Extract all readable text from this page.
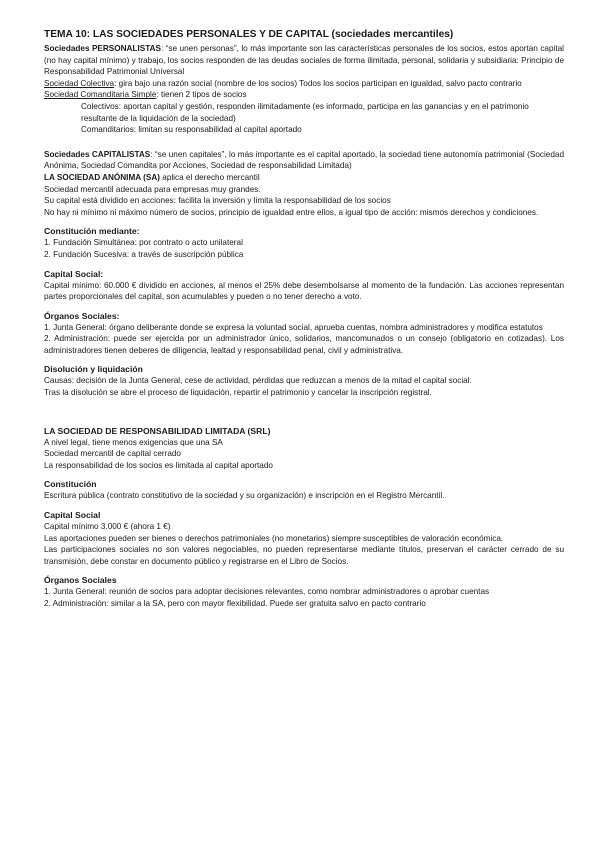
TEMA 10: LAS SOCIEDADES PERSONALES Y DE CAPITAL (sociedades mercantiles)

Sociedades PERSONALISTAS: “se unen personas”, lo más importante son las características personales de los socios, estos aportan capital (no hay capital mínimo) y trabajo, los socios responden de las deudas sociales de forma ilimitada, personal, solidaria y subsidiaria: Principio de Responsabilidad Patrimonial Universal

Sociedad Colectiva: gira bajo una razón social (nombre de los socios) Todos los socios participan en igualdad, salvo pacto contrario

Sociedad Comanditaria Simple: tienen 2 tipos de socios

Colectivos: aportan capital y gestión, responden ilimitadamente (es informado, participa en las ganancias y en el patrimonio resultante de la liquidación de la sociedad)

Comanditarios: limitan su responsabilidad al capital aportado

Sociedades CAPITALISTAS: “se unen capitales”, lo más importante es el capital aportado, la sociedad tiene autonomía patrimonial (Sociedad Anónima, Sociedad Comandita por Acciones, Sociedad de responsabilidad Limitada)

LA SOCIEDAD ANÓNIMA (SA) aplica el derecho mercantil

Sociedad mercantil adecuada para empresas muy grandes.

Su capital está dividido en acciones: facilita la inversión y limita la responsabilidad de los socios

No hay ni mínimo ni máximo número de socios, principio de igualdad entre ellos, a igual tipo de acción: mismos derechos y condiciones.

Constitución mediante:

1. Fundación Simultánea: por contrato o acto unilateral

2. Fundación Sucesiva: a través de suscripción pública

Capital Social:

Capital mínimo: 60.000 € dividido en acciones, al menos el 25% debe desembolsarse al momento de la fundación. Las acciones representan partes proporcionales del capital, son acumulables y pueden o no tener derecho a voto.

Órganos Sociales:

1. Junta General: órgano deliberante donde se expresa la voluntad social, aprueba cuentas, nombra administradores y modifica estatutos

2. Administración: puede ser ejercida por un administrador único, solidarios, mancomunados o un consejo (obligatorio en cotizadas). Los administradores tienen deberes de diligencia, lealtad y responsabilidad penal, civil y administrativa.

Disolución y liquidación

Causas: decisión de la Junta General, cese de actividad, pérdidas que reduzcan a menos de la mitad el capital social.

Tras la disolución se abre el proceso de liquidación, repartir el patrimonio y cancelar la inscripción registral.

LA SOCIEDAD DE RESPONSABILIDAD LIMITADA (SRL)

A nivel legal, tiene menos exigencias que una SA

Sociedad mercantil de capital cerrado

La responsabilidad de los socios es limitada al capital aportado

Constitución

Escritura pública (contrato constitutivo de la sociedad y su organización) e inscripción en el Registro Mercantil.

Capital Social

Capital mínimo 3.000 € (ahora 1 €)

Las aportaciones pueden ser bienes o derechos patrimoniales (no monetarios) siempre susceptibles de valoración económica.

Las participaciones sociales no son valores negociables, no pueden representarse mediante títulos, preservan el carácter cerrado de su transmisión, debe constar en documento público y registrarse en el Libro de Socios.

Órganos Sociales

1. Junta General: reunión de socios para adoptar decisiones relevantes, como nombrar administradores o aprobar cuentas

2. Administración: similar a la SA, pero con mayor flexibilidad. Puede ser gratuita salvo en pacto contrario
